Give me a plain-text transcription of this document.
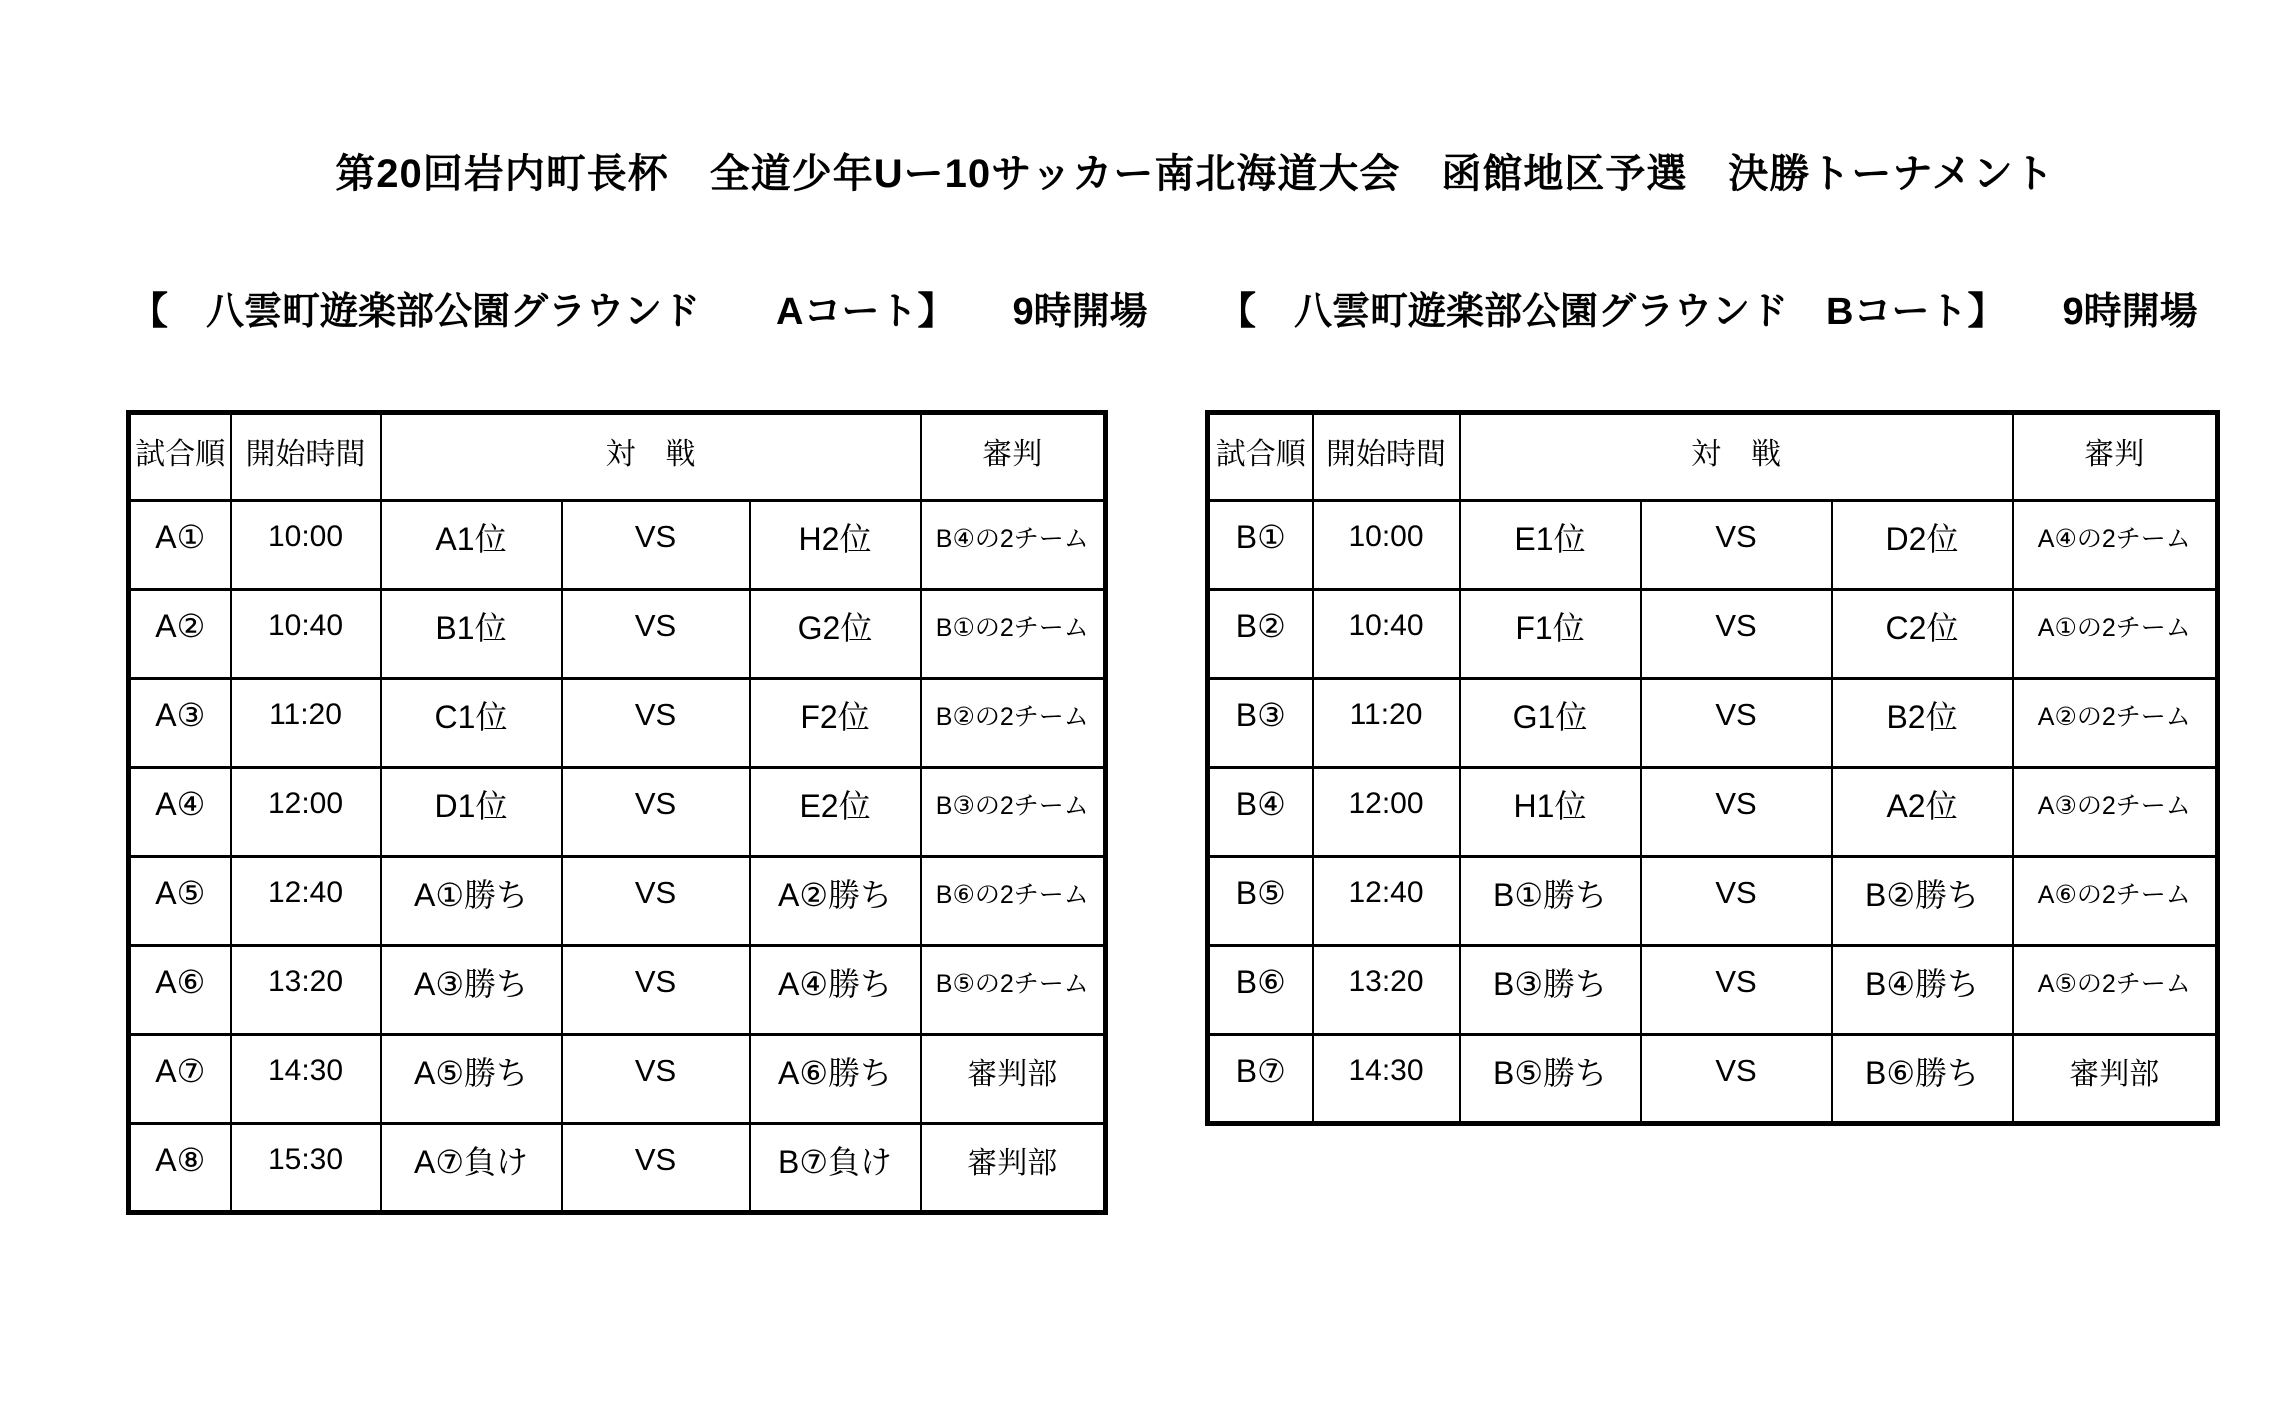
第20回岩内町長杯　全道少年Uー10サッカー南北海道大会　函館地区予選　決勝トーナメント
【　八雲町遊楽部公園グラウンド　　Aコート】　　9時開場 【　八雲町遊楽部公園グラウンド　Bコート】　　9時開場
試合順	開始時間	対　戦			審判
A①	10:00	A1位	VS	H2位	B④の2チーム
A②	10:40	B1位	VS	G2位	B①の2チーム
A③	11:20	C1位	VS	F2位	B②の2チーム
A④	12:00	D1位	VS	E2位	B③の2チーム
A⑤	12:40	A①勝ち	VS	A②勝ち	B⑥の2チーム
A⑥	13:20	A③勝ち	VS	A④勝ち	B⑤の2チーム
A⑦	14:30	A⑤勝ち	VS	A⑥勝ち	審判部
A⑧	15:30	A⑦負け	VS	B⑦負け	審判部
試合順	開始時間	対　戦			審判
B①	10:00	E1位	VS	D2位	A④の2チーム
B②	10:40	F1位	VS	C2位	A①の2チーム
B③	11:20	G1位	VS	B2位	A②の2チーム
B④	12:00	H1位	VS	A2位	A③の2チーム
B⑤	12:40	B①勝ち	VS	B②勝ち	A⑥の2チーム
B⑥	13:20	B③勝ち	VS	B④勝ち	A⑤の2チーム
B⑦	14:30	B⑤勝ち	VS	B⑥勝ち	審判部
